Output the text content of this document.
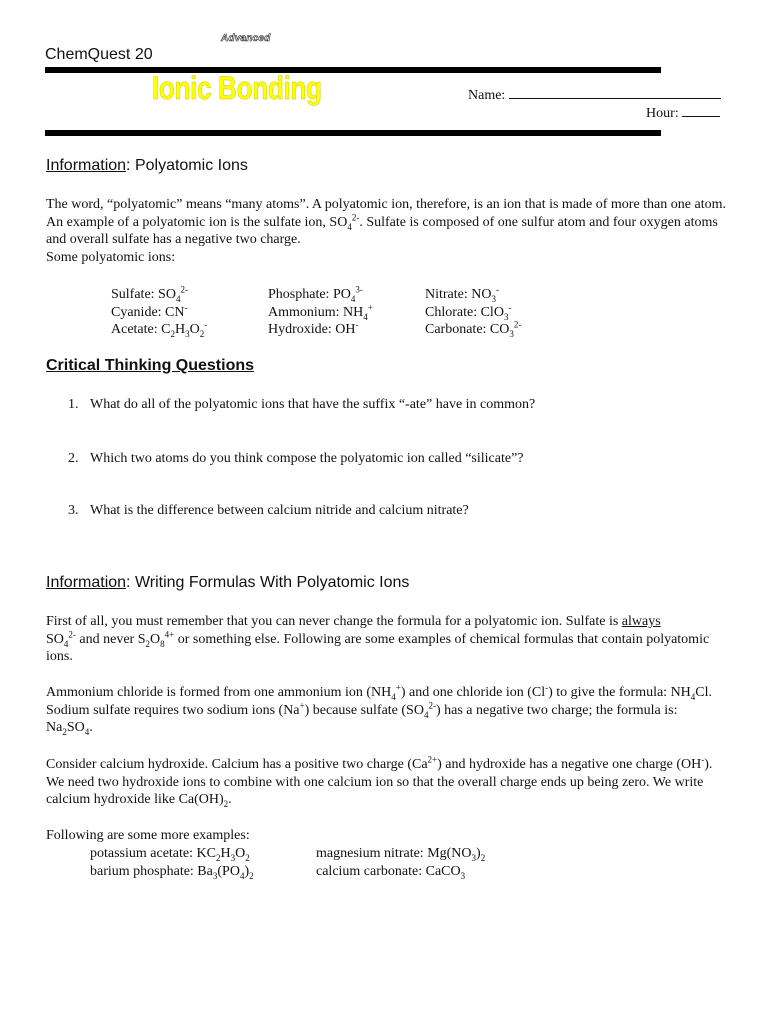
Advanced
ChemQuest 20
Ionic Bonding	Name:
Hour:
Information: Polyatomic Ions
The word, “polyatomic” means “many atoms”. A polyatomic ion, therefore, is an ion that is made of more than one atom. An example of a polyatomic ion is the sulfate ion, $SO_4^{2-}$. Sulfate is composed of one sulfur atom and four oxygen atoms and overall sulfate has a negative two charge.
Some polyatomic ions:
Sulfate: $SO_4^{2-}$	Phosphate: $PO_4^{3-}$	Nitrate: $NO_3^-$
Cyanide: CN-	Ammonium: $NH_4^+$	Chlorate: ClO$_3$-
Acetate: $C_2H_3O_2^-$	Hydroxide: OH-	Carbonate: $CO_3^{2-}$
Critical Thinking Questions
1. What do all of the polyatomic ions that have the suffix “-ate” have in common?
2. Which two atoms do you think compose the polyatomic ion called “silicate”?
3. What is the difference between calcium nitride and calcium nitrate?
Information: Writing Formulas With Polyatomic Ions
First of all, you must remember that you can never change the formula for a polyatomic ion. Sulfate is always
$SO_4^{2-}$ and never $S_2O_8^{4+}$ or something else. Following are some examples of chemical formulas that contain polyatomic ions.
Ammonium chloride is formed from one ammonium ion $(NH_4^+)$ and one chloride ion (Cl-) to give the formula: $NH_4Cl$. Sodium sulfate requires two sodium ions (Na+) because sulfate $(SO_4^{2-})$ has a negative two charge; the formula is: $Na_2SO_4$.
Consider calcium hydroxide. Calcium has a positive two charge $(Ca^{2+})$ and hydroxide has a negative one charge (OH-). We need two hydroxide ions to combine with one calcium ion so that the overall charge ends up being zero. We write calcium hydroxide like $Ca(OH)_2$.
Following are some more examples:
potassium acetate: $KC_2H_3O_2$	magnesium nitrate: $Mg(NO_3)_2$
barium phosphate: $Ba_3(PO_4)_2$	calcium carbonate: CaCO$_3$
